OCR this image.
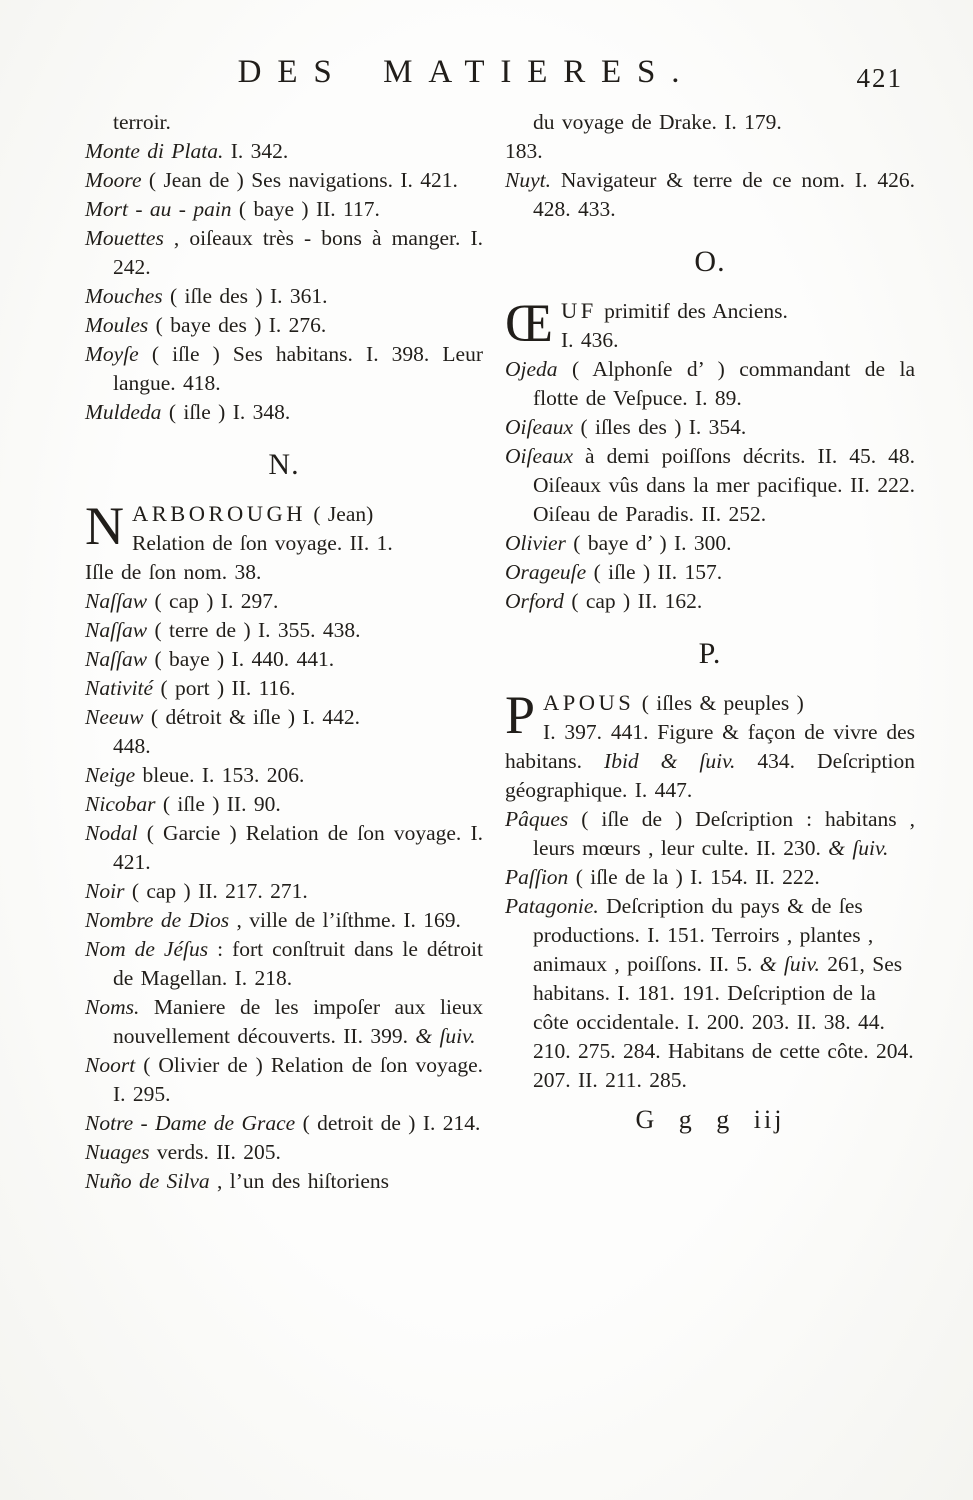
DES MATIERES.	421
terroir.
Monte di Plata. I. 342.
Moore ( Jean de ) Ses navigations. I. 421.
Mort - au - pain ( baye ) II. 117.
Mouettes , oiſeaux très - bons à manger. I. 242.
Mouches ( iſle des ) I. 361.
Moules ( baye des ) I. 276.
Moyſe ( iſle ) Ses habitans. I. 398. Leur langue. 418.
Muldeda ( iſle ) I. 348.
N.
NARBOROUGH ( Jean)
Relation de ſon voyage. II. 1.
Iſle de ſon nom. 38.
Naſſaw ( cap ) I. 297.
Naſſaw ( terre de ) I. 355. 438.
Naſſaw ( baye ) I. 440. 441.
Nativité ( port ) II. 116.
Neeuw ( détroit & iſle ) I. 442.
448.
Neige bleue. I. 153. 206.
Nicobar ( iſle ) II. 90.
Nodal ( Garcie ) Relation de ſon voyage. I. 421.
Noir ( cap ) II. 217. 271.
Nombre de Dios , ville de l’iſthme. I. 169.
Nom de Jéſus : fort conſtruit dans le détroit de Magellan. I. 218.
Noms. Maniere de les impoſer aux lieux nouvellement découverts. II. 399. & ſuiv.
Noort ( Olivier de ) Relation de ſon voyage. I. 295.
Notre - Dame de Grace ( detroit de ) I. 214.
Nuages verds. II. 205.
Nuño de Silva , l’un des hiſtoriens
du voyage de Drake. I. 179.
183.
Nuyt. Navigateur & terre de ce nom. I. 426. 428. 433.
O.
ŒUF primitif des Anciens.
I. 436.
Ojeda ( Alphonſe d’ ) commandant de la flotte de Veſpuce. I. 89.
Oiſeaux ( iſles des ) I. 354.
Oiſeaux à demi poiſſons décrits. II. 45. 48. Oiſeaux vûs dans la mer pacifique. II. 222. Oiſeau de Paradis. II. 252.
Olivier ( baye d’ ) I. 300.
Orageuſe ( iſle ) II. 157.
Orford ( cap ) II. 162.
P.
PAPOUS ( iſles & peuples )
I. 397. 441. Figure & façon de vivre des habitans. Ibid & ſuiv. 434. Deſcription géographique. I. 447.
Pâques ( iſle de ) Deſcription : habitans , leurs mœurs , leur culte. II. 230. & ſuiv.
Paſſion ( iſle de la ) I. 154. II. 222.
Patagonie. Deſcription du pays & de ſes productions. I. 151. Terroirs , plantes , animaux , poiſſons. II. 5. & ſuiv. 261, Ses habitans. I. 181. 191. Deſcription de la côte occidentale. I. 200. 203. II. 38. 44. 210. 275. 284. Habitans de cette côte. 204. 207. II. 211. 285.
G g g iij
